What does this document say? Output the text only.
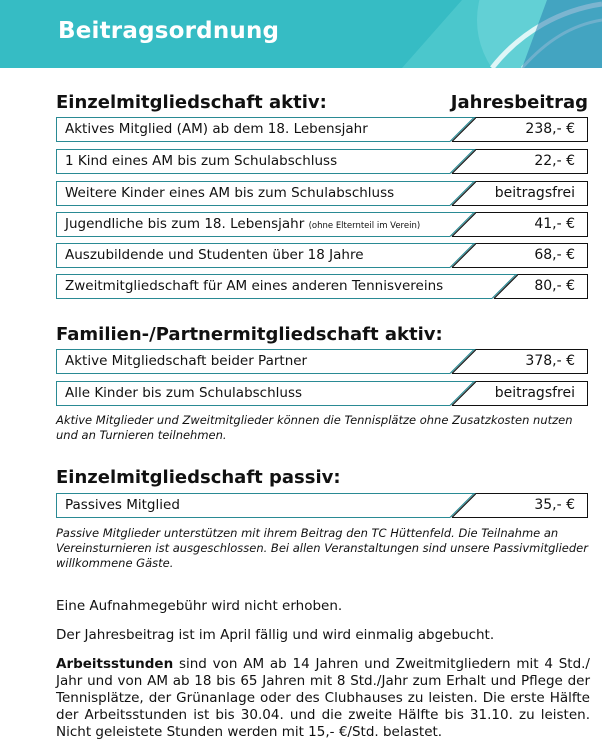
Beitragsordnung
Einzelmitgliedschaft aktiv:	Jahresbeitrag
Aktives Mitglied (AM) ab dem 18. Lebensjahr	238,- €
1 Kind eines AM bis zum Schulabschluss	22,- €
Weitere Kinder eines AM bis zum Schulabschluss	beitragsfrei
Jugendliche bis zum 18. Lebensjahr (ohne Elternteil im Verein)	41,- €
Auszubildende und Studenten über 18 Jahre	68,- €
Zweitmitgliedschaft für AM eines anderen Tennisvereins	80,- €
Familien-/Partnermitgliedschaft aktiv:
Aktive Mitgliedschaft beider Partner	378,- €
Alle Kinder bis zum Schulabschluss	beitragsfrei
Aktive Mitglieder und Zweitmitglieder können die Tennisplätze ohne Zusatzkosten nutzen und an Turnieren teilnehmen.
Einzelmitgliedschaft passiv:
Passives Mitglied	35,- €
Passive Mitglieder unterstützen mit ihrem Beitrag den TC Hüttenfeld. Die Teilnahme an Vereinsturnieren ist ausgeschlossen. Bei allen Veranstaltungen sind unsere Passivmitglieder willkommene Gäste.
Eine Aufnahmegebühr wird nicht erhoben.
Der Jahresbeitrag ist im April fällig und wird einmalig abgebucht.
Arbeitsstunden sind von AM ab 14 Jahren und Zweitmitgliedern mit 4 Std./ Jahr und von AM ab 18 bis 65 Jahren mit 8 Std./Jahr zum Erhalt und Pflege der Tennisplätze, der Grünanlage oder des Clubhauses zu leisten. Die erste Hälfte der Arbeitsstunden ist bis 30.04. und die zweite Hälfte bis 31.10. zu leisten. Nicht geleistete Stunden werden mit 15,- €/Std. belastet.
